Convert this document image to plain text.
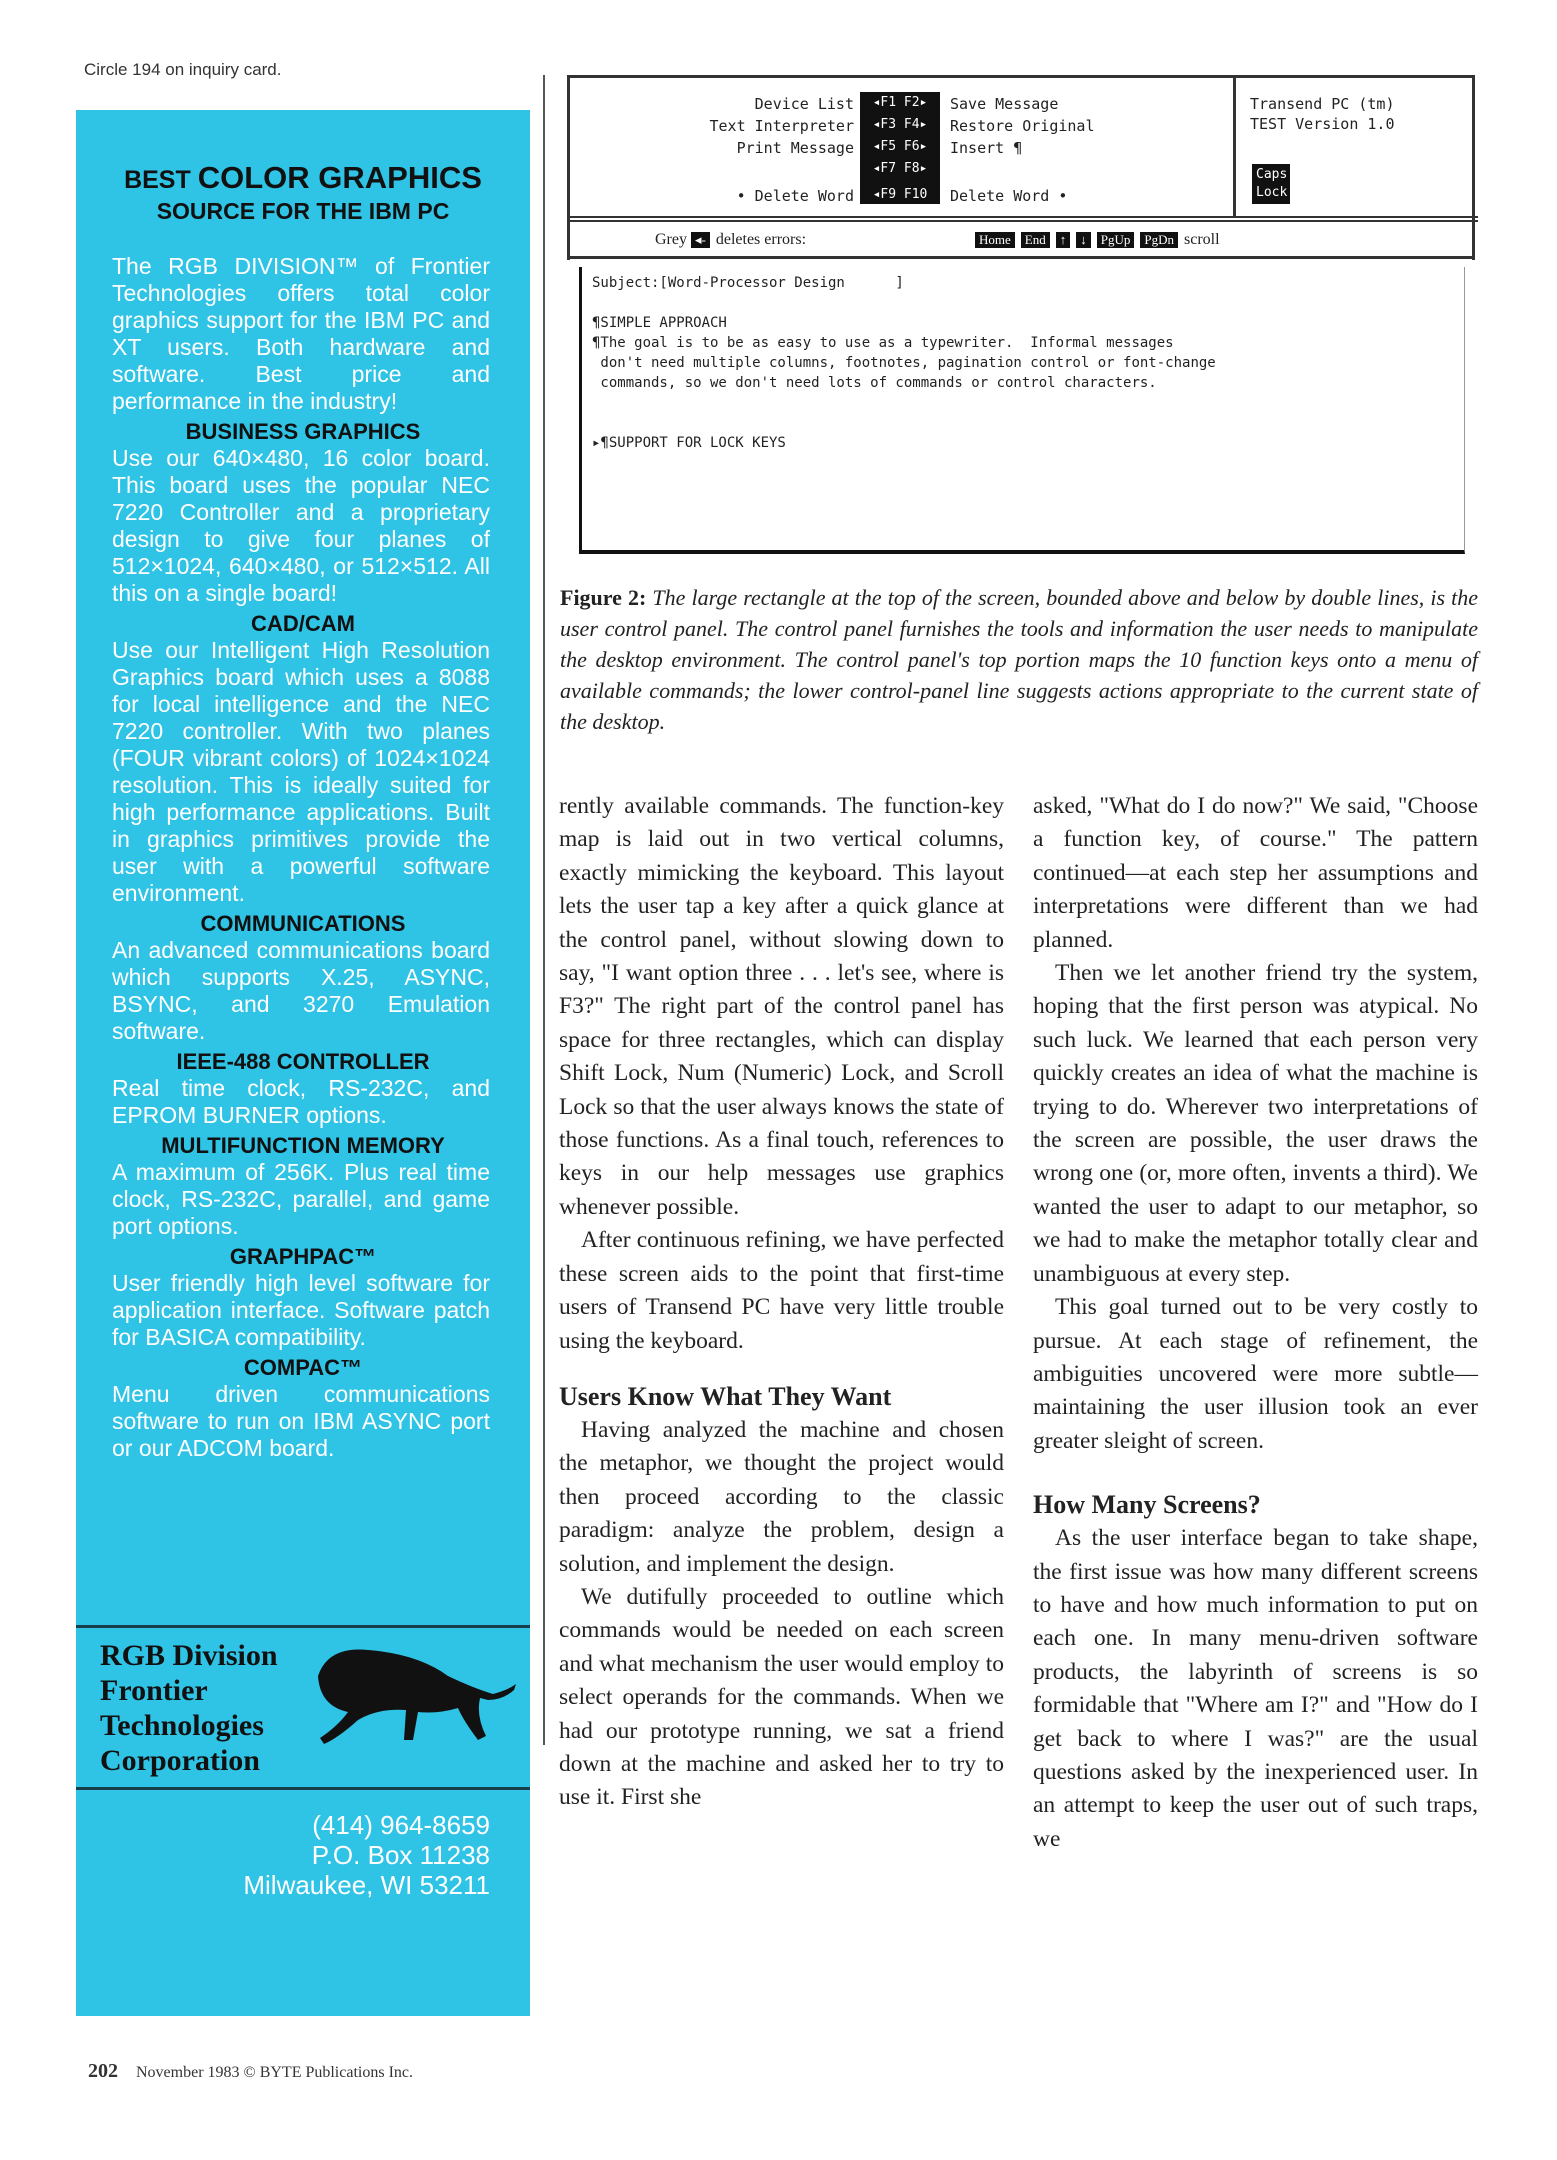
Circle 194 on inquiry card.
BEST COLOR GRAPHICS
SOURCE FOR THE IBM PC
The RGB DIVISION™ of Frontier Technologies offers total color graphics support for the IBM PC and XT users. Both hardware and software. Best price and performance in the industry!
BUSINESS GRAPHICS
Use our 640×480, 16 color board. This board uses the popular NEC 7220 Controller and a proprietary design to give four planes of 512×1024, 640×480, or 512×512. All this on a single board!
CAD/CAM
Use our Intelligent High Resolution Graphics board which uses a 8088 for local intelligence and the NEC 7220 controller. With two planes (FOUR vibrant colors) of 1024×1024 resolution. This is ideally suited for high performance applications. Built in graphics primitives provide the user with a powerful software environment.
COMMUNICATIONS
An advanced communications board which supports X.25, ASYNC, BSYNC, and 3270 Emulation software.
IEEE-488 CONTROLLER
Real time clock, RS-232C, and EPROM BURNER options.
MULTIFUNCTION MEMORY
A maximum of 256K. Plus real time clock, RS-232C, parallel, and game port options.
GRAPHPAC™
User friendly high level software for application interface. Software patch for BASICA compatibility.
COMPAC™
Menu driven communications software to run on IBM ASYNC port or our ADCOM board.
RGB Division
Frontier
Technologies
Corporation
(414) 964-8659
P.O. Box 11238
Milwaukee, WI 53211
Device List
Text Interpreter
Print Message
• Delete Word
◂F1 F2▸
◂F3 F4▸
◂F5 F6▸
◂F7 F8▸
◂F9 F10
Save Message
Restore Original
Insert ¶
Delete Word •
Transend PC (tm)
TEST Version 1.0
Caps Lock
Grey ◂- deletes errors:	Home End ↑ ↓ PgUp PgDn scroll
Subject:[Word-Processor Design      ]
¶SIMPLE APPROACH
¶The goal is to be as easy to use as a typewriter.  Informal messages
don't need multiple columns, footnotes, pagination control or font-change
commands, so we don't need lots of commands or control characters.
▸¶SUPPORT FOR LOCK KEYS
Figure 2: The large rectangle at the top of the screen, bounded above and below by double lines, is the user control panel. The control panel furnishes the tools and information the user needs to manipulate the desktop environment. The control panel's top portion maps the 10 function keys onto a menu of available commands; the lower control-panel line suggests actions appropriate to the current state of the desktop.

rently available commands. The function-key map is laid out in two vertical columns, exactly mimicking the keyboard. This layout lets the user tap a key after a quick glance at the control panel, without slowing down to say, "I want option three . . . let's see, where is F3?" The right part of the control panel has space for three rectangles, which can display Shift Lock, Num (Numeric) Lock, and Scroll Lock so that the user always knows the state of those functions. As a final touch, references to keys in our help messages use graphics whenever possible.

After continuous refining, we have perfected these screen aids to the point that first-time users of Transend PC have very little trouble using the keyboard.

Users Know What They Want

Having analyzed the machine and chosen the metaphor, we thought the project would then proceed according to the classic paradigm: analyze the problem, design a solution, and implement the design.

We dutifully proceeded to outline which commands would be needed on each screen and what mechanism the user would employ to select operands for the commands. When we had our prototype running, we sat a friend down at the machine and asked her to try to use it. First she

asked, "What do I do now?" We said, "Choose a function key, of course." The pattern continued—at each step her assumptions and interpretations were different than we had planned.

Then we let another friend try the system, hoping that the first person was atypical. No such luck. We learned that each person very quickly creates an idea of what the machine is trying to do. Wherever two interpretations of the screen are possible, the user draws the wrong one (or, more often, invents a third). We wanted the user to adapt to our metaphor, so we had to make the metaphor totally clear and unambiguous at every step.

This goal turned out to be very costly to pursue. At each stage of refinement, the ambiguities uncovered were more subtle—maintaining the user illusion took an ever greater sleight of screen.

How Many Screens?

As the user interface began to take shape, the first issue was how many different screens to have and how much information to put on each one. In many menu-driven software products, the labyrinth of screens is so formidable that "Where am I?" and "How do I get back to where I was?" are the usual questions asked by the inexperienced user. In an attempt to keep the user out of such traps, we

202 November 1983 © BYTE Publications Inc.
